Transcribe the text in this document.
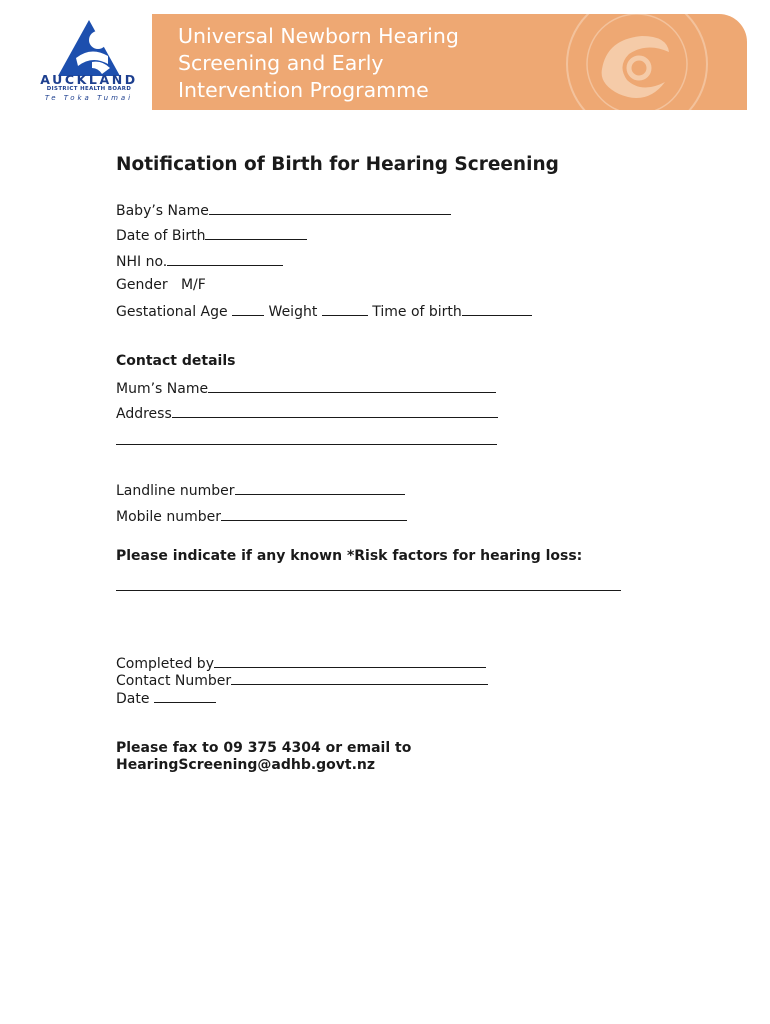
AUCKLAND
DISTRICT HEALTH BOARD
Te Toka Tumai
Universal Newborn Hearing
Screening and Early
Intervention Programme
Notification of Birth for Hearing Screening
Baby’s Name
Date of Birth
NHI no.
Gender   M/F
Gestational Age	Weight	Time of birth
Contact details
Mum’s Name
Address
Landline number
Mobile number
Please indicate if any known *Risk factors for hearing loss:
Completed by
Contact Number
Date
Please fax to 09 375 4304 or email to
HearingScreening@adhb.govt.nz
